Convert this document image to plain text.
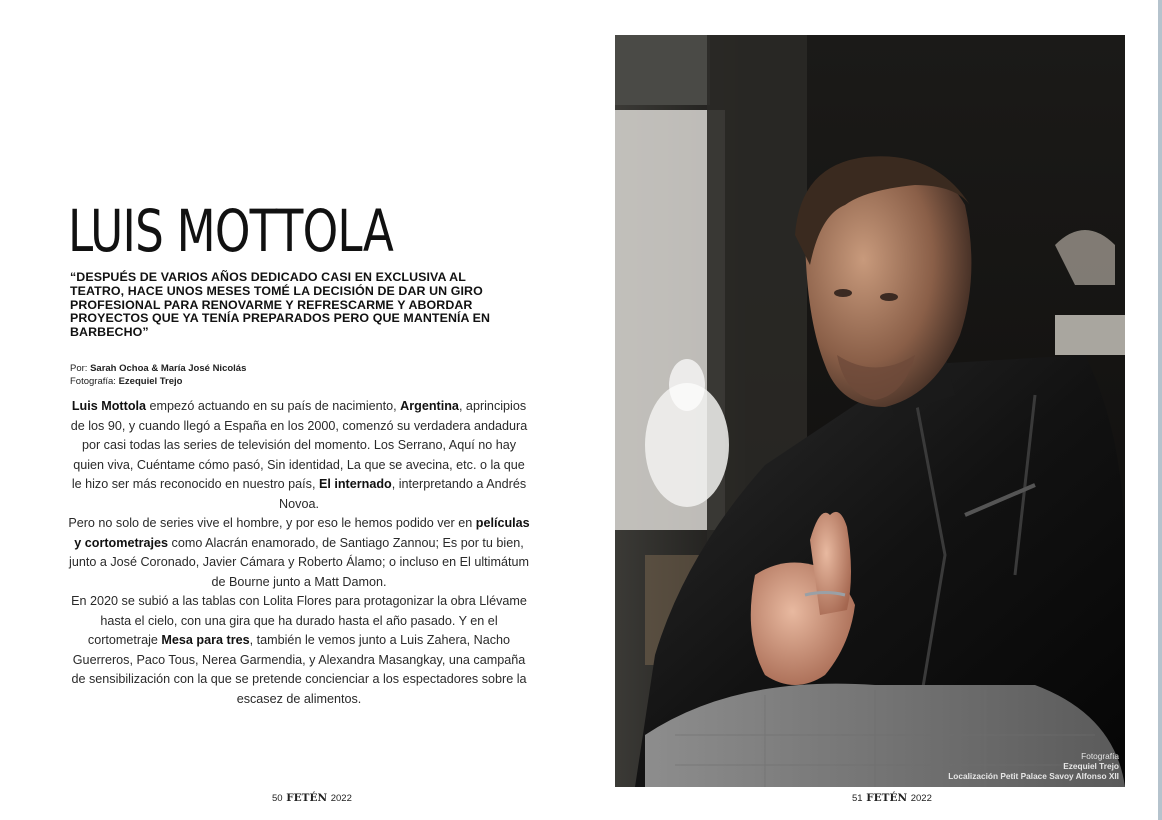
LUIS MOTTOLA

“DESPUÉS DE VARIOS AÑOS DEDICADO CASI EN EXCLUSIVA AL TEATRO, HACE UNOS MESES TOMÉ LA DECISIÓN DE DAR UN GIRO PROFESIONAL PARA RENOVARME Y REFRESCARME Y ABORDAR PROYECTOS QUE YA TENÍA PREPARADOS PERO QUE MANTENÍA EN BARBECHO”

Por: Sarah Ochoa & María José Nicolás
Fotografía: Ezequiel Trejo

Luis Mottola empezó actuando en su país de nacimiento, Argentina, aprincipios de los 90, y cuando llegó a España en los 2000, comenzó su verdadera andadura por casi todas las series de televisión del momento. Los Serrano, Aquí no hay quien viva, Cuéntame cómo pasó, Sin identidad, La que se avecina, etc. o la que le hizo ser más reconocido en nuestro país, El internado, interpretando a Andrés Novoa.

Pero no solo de series vive el hombre, y por eso le hemos podido ver en películas y cortometrajes como Alacrán enamorado, de Santiago Zannou; Es por tu bien, junto a José Coronado, Javier Cámara y Roberto Álamo; o incluso en El ultimátum de Bourne junto a Matt Damon.

En 2020 se subió a las tablas con Lolita Flores para protagonizar la obra Llévame hasta el cielo, con una gira que ha durado hasta el año pasado. Y en el cortometraje Mesa para tres, también le vemos junto a Luis Zahera, Nacho Guerreros, Paco Tous, Nerea Garmendia, y Alexandra Masangkay, una campaña de sensibilización con la que se pretende concienciar a los espectadores sobre la escasez de alimentos.

50 FETÉN 2022
Fotografía
Ezequiel Trejo
Localización Petit Palace Savoy Alfonso XII
51 FETÉN 2022
